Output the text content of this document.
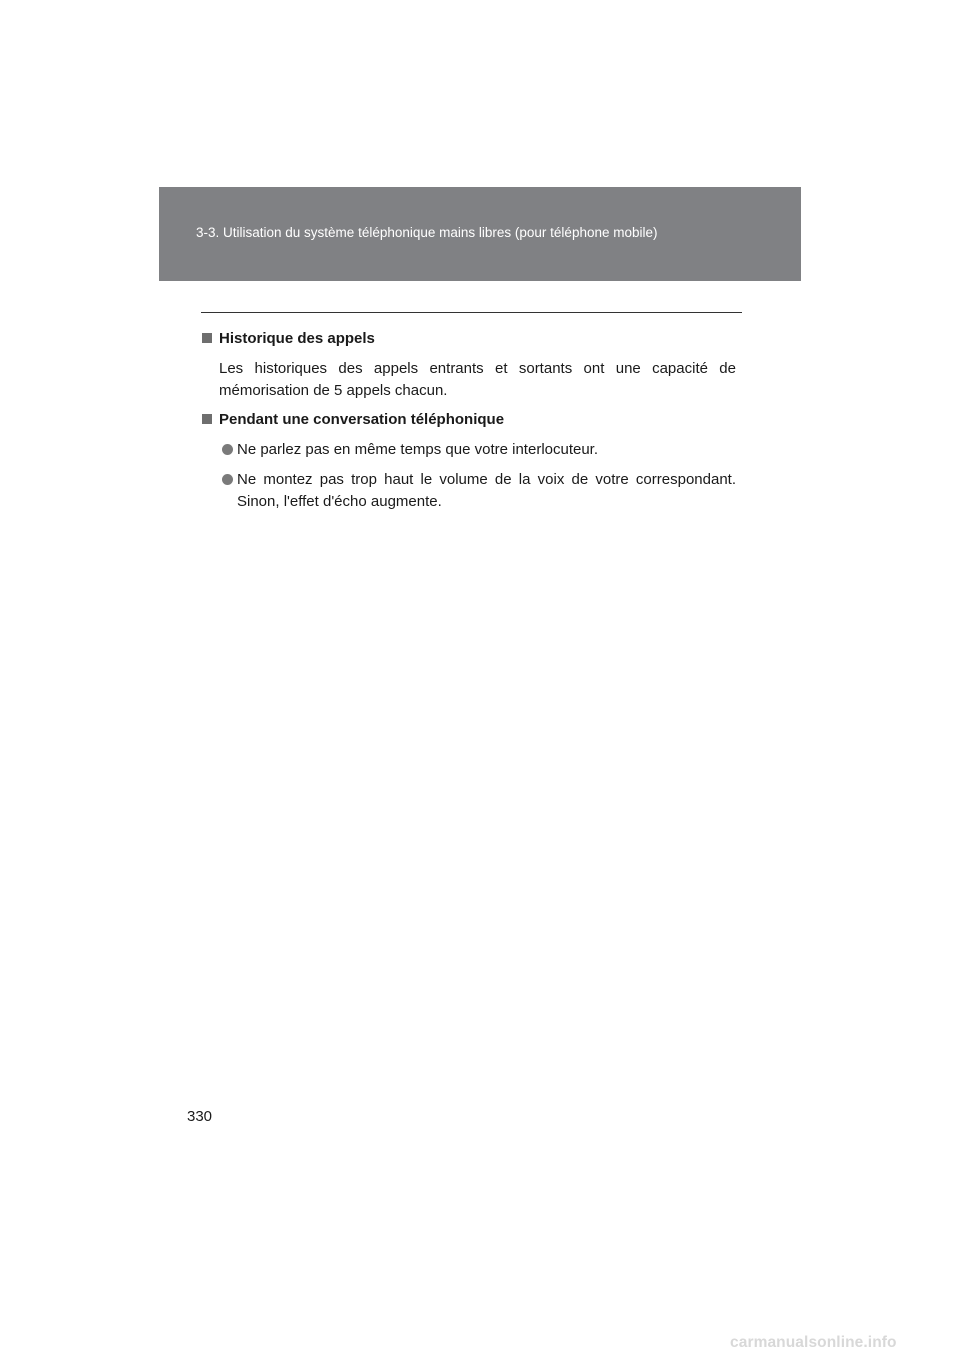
3-3. Utilisation du système téléphonique mains libres (pour téléphone mobile)
Historique des appels
Les historiques des appels entrants et sortants ont une capacité de
mémorisation de 5 appels chacun.
Pendant une conversation téléphonique
Ne parlez pas en même temps que votre interlocuteur.
Ne montez pas trop haut le volume de la voix de votre correspondant.
Sinon, l'effet d'écho augmente.
330
carmanualsonline.info
